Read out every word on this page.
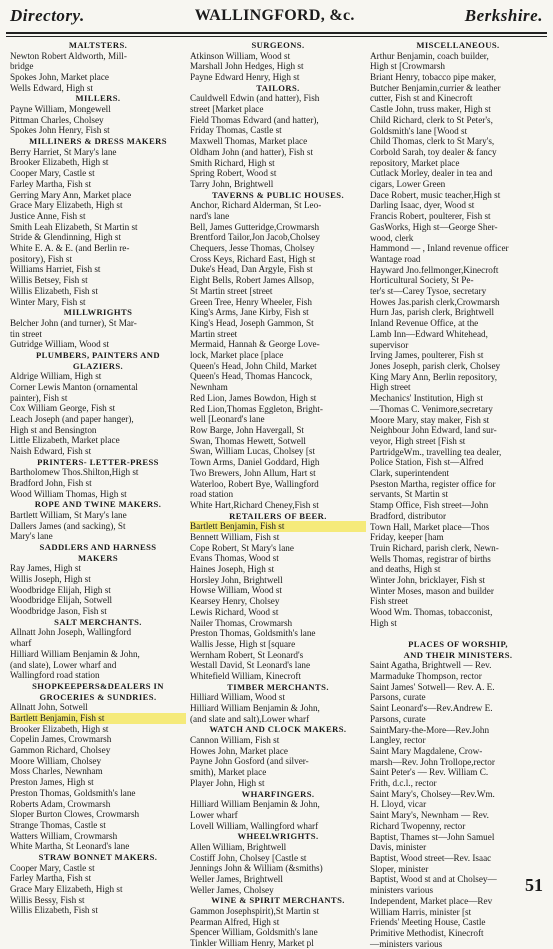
Directory.	WALLINGFORD, &c.	Berkshire.
MALTSTERS.
Newton Robert Aldworth, Mill-
bridge
Spokes John, Market place
Wells Edward, High st
MILLERS.
Payne William, Mongewell
Pittman Charles, Cholsey
Spokes John Henry, Fish st
MILLINERS & DRESS MAKERS
Berry Harriet, St Mary's lane
Brooker Elizabeth, High st
Cooper Mary, Castle st
Farley Martha, Fish st
Gerring Mary Ann, Market place
Grace Mary Elizabeth, High st
Justice Anne, Fish st
Smith Leah Elizabeth, St Martin st
Stride & Glendinning, High st
White E. A. & E. (and Berlin re-
pository), Fish st
Williams Harriet, Fish st
Willis Betsey, Fish st
Willis Elizabeth, Fish st
Winter Mary, Fish st
MILLWRIGHTS
Belcher John (and turner), St Mar-
tin street
Gutridge William, Wood st
PLUMBERS, PAINTERS AND
GLAZIERS.
Aldrige William, High st
Corner Lewis Manton (ornamental
painter), Fish st
Cox William George, Fish st
Leach Joseph (and paper hanger),
High st and Bensington
Little Elizabeth, Market place
Naish Edward, Fish st
PRINTERS- LETTER-PRESS
Bartholomew Thos.Shilton,High st
Bradford John, Fish st
Wood William Thomas, High st
ROPE AND TWINE MAKERS.
Bartlett William, St Mary's lane
Dallers James (and sacking), St
Mary's lane
SADDLERS AND HARNESS
MAKERS
Ray James, High st
Willis Joseph, High st
Woodbridge Elijah, High st
Woodbridge Elijah, Sotwell
Woodbridge Jason, Fish st
SALT MERCHANTS.
Allnatt John Joseph, Wallingford
wharf
Hilliard William Benjamin & John,
(and slate), Lower wharf and
Wallingford road station
SHOPKEEPERS&DEALERS IN
GROCERIES & SUNDRIES.
Allnatt John, Sotwell
Bartlett Benjamin, Fish st
Brooker Elizabeth, High st
Copelin James, Crowmarsh
Gammon Richard, Cholsey
Moore William, Cholsey
Moss Charles, Newnham
Preston James, High st
Preston Thomas, Goldsmith's lane
Roberts Adam, Crowmarsh
Sloper Burton Clowes, Crowmarsh
Strange Thomas, Castle st
Watters William, Crowmarsh
White Martha, St Leonard's lane
STRAW BONNET MAKERS.
Cooper Mary, Castle st
Farley Martha, Fish st
Grace Mary Elizabeth, High st
Willis Bessy, Fish st
Willis Elizabeth, Fish st
SURGEONS.
Atkinson William, Wood st
Marshall John Hedges, High st
Payne Edward Henry, High st
TAILORS.
Cauldwell Edwin (and hatter), Fish
street [Market place
Field Thomas Edward (and hatter),
Friday Thomas, Castle st
Maxwell Thomas, Market place
Oldham John (and hatter), Fish st
Smith Richard, High st
Spring Robert, Wood st
Tarry John, Brightwell
TAVERNS & PUBLIC HOUSES.
Anchor, Richard Alderman, St Leo-
nard's lane
Bell, James Gutteridge,Crowmarsh
Brentford Tailor,Jon Jacob,Cholsey
Chequers, Jesse Thomas, Cholsey
Cross Keys, Richard East, High st
Duke's Head, Dan Argyle, Fish st
Eight Bells, Robert James Allsop,
St Martin street [street
Green Tree, Henry Wheeler, Fish
King's Arms, Jane Kirby, Fish st
King's Head, Joseph Gammon, St
Martin street
Mermaid, Hannah & George Love-
lock, Market place [place
Queen's Head, John Child, Market
Queen's Head, Thomas Hancock,
Newnham
Red Lion, James Bowdon, High st
Red Lion,Thomas Eggleton, Bright-
well [Leonard's lane
Row Barge, John Havergall, St
Swan, Thomas Hewett, Sotwell
Swan, William Lucas, Cholsey [st
Town Arms, Daniel Goddard, High
Two Brewers, John Allum, Hart st
Waterloo, Robert Bye, Wallingford
road station
White Hart,Richard Cheney,Fish st
RETAILERS OF BEER.
Bartlett Benjamin, Fish st
Bennett William, Fish st
Cope Robert, St Mary's lane
Evans Thomas, Wood st
Haines Joseph, High st
Horsley John, Brightwell
Howse William, Wood st
Kearsey Henry, Cholsey
Lewis Richard, Wood st
Nailer Thomas, Crowmarsh
Preston Thomas, Goldsmith's lane
Wallis Jesse, High st [square
Wernham Robert, St Leonard's
Westall David, St Leonard's lane
Whitefield William, Kinecroft
TIMBER MERCHANTS.
Hilliard William, Wood st
Hilliard William Benjamin & John,
(and slate and salt),Lower wharf
WATCH AND CLOCK MAKERS.
Cannon William, Fish st
Howes John, Market place
Payne John Gosford (and silver-
smith), Market place
Player John, High st
WHARFINGERS.
Hilliard William Benjamin & John,
Lower wharf
Lovell William, Wallingford wharf
WHEELWRIGHTS.
Allen William, Brightwell
Costiff John, Cholsey [Castle st
Jennings John & William (&smiths)
Weller James, Brightwell
Weller James, Cholsey
WINE & SPIRIT MERCHANTS.
Gammon Josephspirit),St Martin st
Pearman Alfred, High st
Spencer William, Goldsmith's lane
Tinkler William Henry, Market pl
MISCELLANEOUS.
Arthur Benjamin, coach builder,
High st [Crowmarsh
Briant Henry, tobacco pipe maker,
Butcher Benjamin,currier & leather
cutter, Fish st and Kinecroft
Castle John, truss maker, High st
Child Richard, clerk to St Peter's,
Goldsmith's lane [Wood st
Child Thomas, clerk to St Mary's,
Corbold Sarah, toy dealer & fancy
repository, Market place
Cutlack Morley, dealer in tea and
cigars, Lower Green
Dace Robert, music teacher,High st
Darling Isaac, dyer, Wood st
Francis Robert, poulterer, Fish st
GasWorks, High st—George Sher-
wood, clerk
Hammond — , Inland revenue officer
Wantage road
Hayward Jno.fellmonger,Kinecroft
Horticultural Society, St Pe-
ter's st—Carey Tysoe, secretary
Howes Jas.parish clerk,Crowmarsh
Hurn Jas, parish clerk, Brightwell
Inland Revenue Office, at the
Lamb Inn—Edward Whitehead,
supervisor
Irving James, poulterer, Fish st
Jones Joseph, parish clerk, Cholsey
King Mary Ann, Berlin repository,
High street
Mechanics' Institution, High st
—Thomas C. Venimore,secretary
Moore Mary, stay maker, Fish st
Neighbour John Edward, land sur-
veyor, High street [Fish st
PartridgeWm., travelling tea dealer,
Police Station, Fish st—Alfred
Clark, superintendent
Pseston Martha, register office for
servants, St Martin st
Stamp Office, Fish street—John
Bradford, distributor
Town Hall, Market place—Thos
Friday, keeper [ham
Truin Richard, parish clerk, Newn-
Wells Thomas, registrar of births
and deaths, High st
Winter John, bricklayer, Fish st
Winter Moses, mason and builder
Fish street
Wood Wm. Thomas, tobacconist,
High st

PLACES OF WORSHIP,
AND THEIR MINISTERS.
Saint Agatha, Brightwell — Rev.
Marmaduke Thompson, rector
Saint James' Sotwell— Rev. A. E.
Parsons, curate
Saint Leonard's—Rev.Andrew E.
Parsons, curate
SaintMary-the-More—Rev.John
Langley, rector
Saint Mary Magdalene, Crow-
marsh—Rev. John Trollope,rector
Saint Peter's — Rev. William C.
Frith, d.c.l., rector
Saint Mary's, Cholsey—Rev.Wm.
H. Lloyd, vicar
Saint Mary's, Newnham — Rev.
Richard Twopenny, rector
Baptist, Thames st—John Samuel
Davis, minister
Baptist, Wood street—Rev. Isaac
Sloper, minister
Baptist, Wood st and at Cholsey—
ministers various
Independent, Market place—Rev
William Harris, minister [st
Friends' Meeting House, Castle
Primitive Methodist, Kinecroft
—ministers various
51
